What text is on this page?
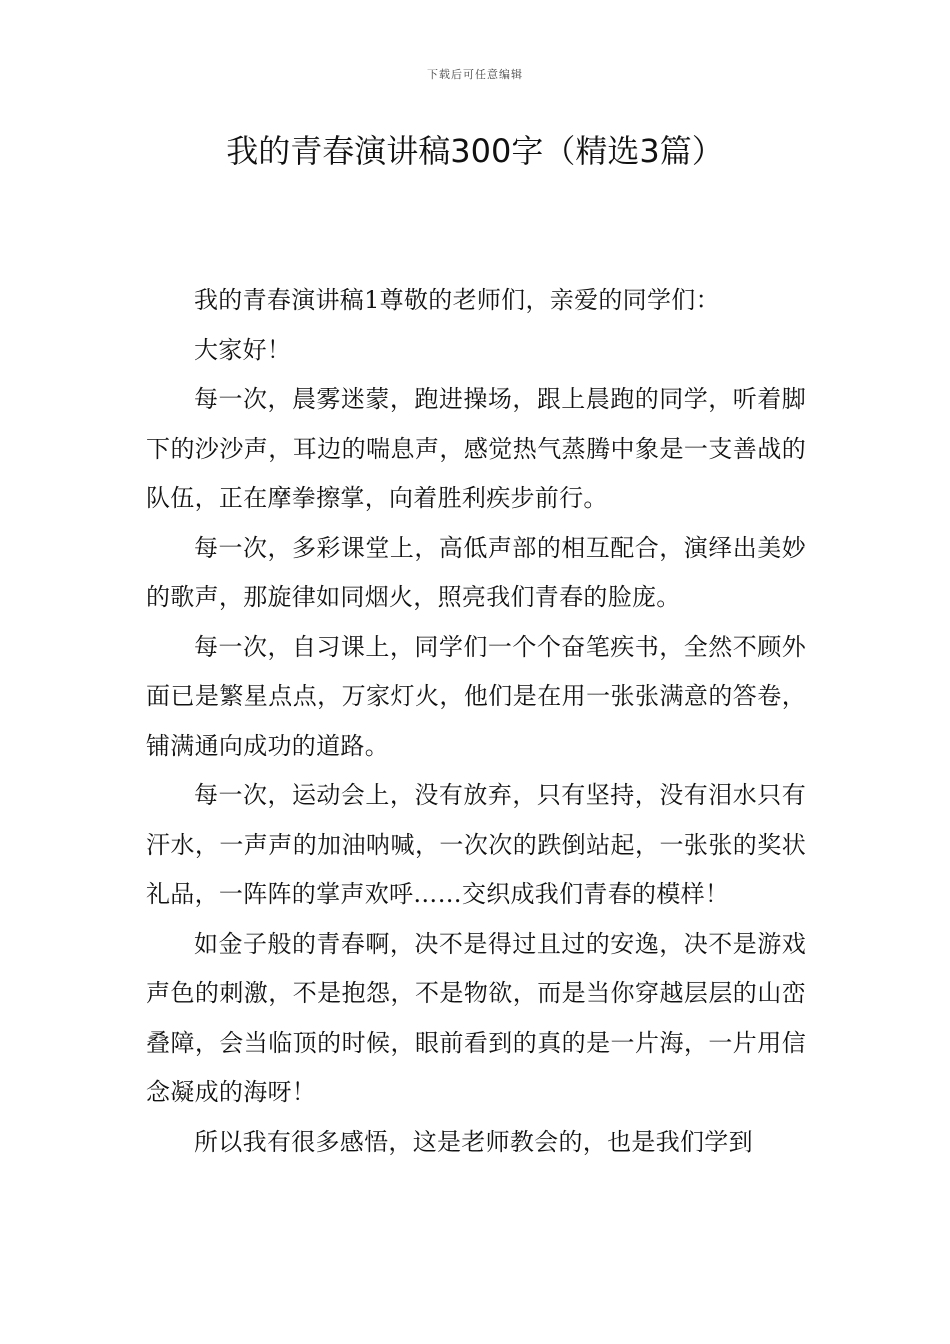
下载后可任意编辑
我的青春演讲稿300字（精选3篇）

我的青春演讲稿1尊敬的老师们，亲爱的同学们：

大家好！

每一次，晨雾迷蒙，跑进操场，跟上晨跑的同学，听着脚下的沙沙声，耳边的喘息声，感觉热气蒸腾中象是一支善战的队伍，正在摩拳擦掌，向着胜利疾步前行。

每一次，多彩课堂上，高低声部的相互配合，演绎出美妙的歌声，那旋律如同烟火，照亮我们青春的脸庞。

每一次，自习课上，同学们一个个奋笔疾书，全然不顾外面已是繁星点点，万家灯火，他们是在用一张张满意的答卷，铺满通向成功的道路。

每一次，运动会上，没有放弃，只有坚持，没有泪水只有汗水，一声声的加油呐喊，一次次的跌倒站起，一张张的奖状礼品，一阵阵的掌声欢呼……交织成我们青春的模样！

如金子般的青春啊，决不是得过且过的安逸，决不是游戏声色的刺激，不是抱怨，不是物欲，而是当你穿越层层的山峦叠障，会当临顶的时候，眼前看到的真的是一片海，一片用信念凝成的海呀！

所以我有很多感悟，这是老师教会的，也是我们学到
